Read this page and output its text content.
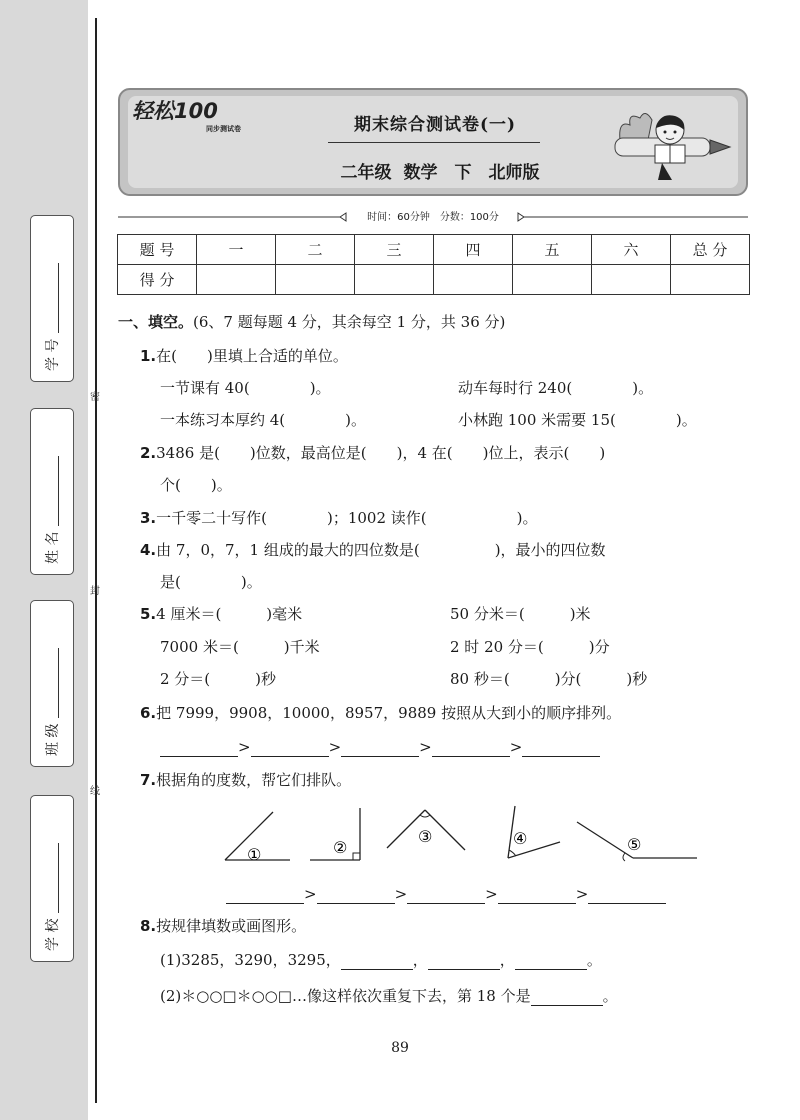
学 号
姓 名
班 级
学 校
密
封
线
轻松100
同步测试卷	期末综合测试卷(一)
二年级 数学　下　北师版
时间：60分钟　分数：100分
题 号	一	二	三	四	五	六	总 分
得 分							
一、填空。(6、7 题每题 4 分，其余每空 1 分，共 36 分)
1.在(　　)里填上合适的单位。
一节课有 40(　　　　)。	动车每时行 240(　　　　)。
一本练习本厚约 4(　　　　)。	小林跑 100 米需要 15(　　　　)。
2.3486 是(　　)位数，最高位是(　　)，4 在(　　)位上，表示(　　)
个(　　)。
3.一千零二十写作(　　　　)；1002 读作(　　　　　　)。
4.由 7，0，7，1 组成的最大的四位数是(　　　　　)，最小的四位数
是(　　　　)。
5.4 厘米＝(　　　)毫米	50 分米＝(　　　)米
7000 米＝(　　　)千米	2 时 20 分＝(　　　)分
2 分＝(　　　)秒	80 秒＝(　　　)分(　　　)秒
6.把 7999，9908，10000，8957，9889 按照从大到小的顺序排列。
>	>	>	>
7.根据角的度数，帮它们排队。
①	②
③	④	⑤
>	>	>	>
8.按规律填数或画图形。
(1)3285，3290，3295，	，	，	。
(2)＊○○□＊○○□…像这样依次重复下去，第 18 个是	。
89
